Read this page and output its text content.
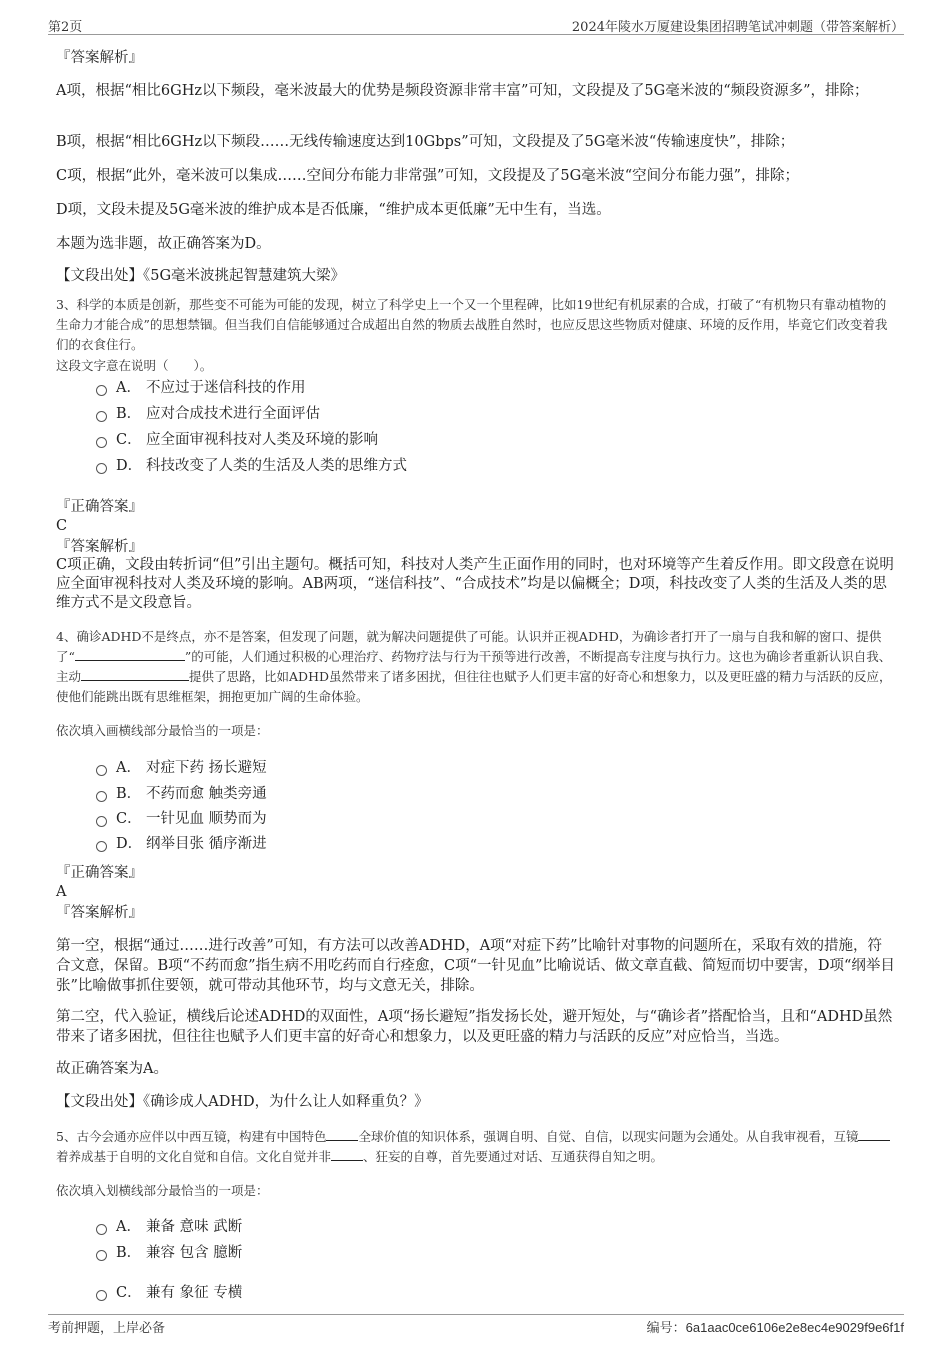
第2页	2024年陵水万厦建设集团招聘笔试冲刺题（带答案解析）
『答案解析』
A项，根据“相比6GHz以下频段，毫米波最大的优势是频段资源非常丰富”可知，文段提及了5G毫米波的“频段资源多”，排除；
B项，根据“相比6GHz以下频段……无线传输速度达到10Gbps”可知，文段提及了5G毫米波“传输速度快”，排除；
C项，根据“此外，毫米波可以集成……空间分布能力非常强”可知，文段提及了5G毫米波“空间分布能力强”，排除；
D项，文段未提及5G毫米波的维护成本是否低廉，“维护成本更低廉”无中生有，当选。
本题为选非题，故正确答案为D。
【文段出处】《5G毫米波挑起智慧建筑大梁》
3、科学的本质是创新，那些变不可能为可能的发现，树立了科学史上一个又一个里程碑，比如19世纪有机尿素的合成，打破了“有机物只有靠动植物的生命力才能合成”的思想禁锢。但当我们自信能够通过合成超出自然的物质去战胜自然时，也应反思这些物质对健康、环境的反作用，毕竟它们改变着我们的衣食住行。
这段文字意在说明（　　）。
A． 不应过于迷信科技的作用
B． 应对合成技术进行全面评估
C． 应全面审视科技对人类及环境的影响
D． 科技改变了人类的生活及人类的思维方式
『正确答案』
C
『答案解析』
C项正确，文段由转折词“但”引出主题句。概括可知，科技对人类产生正面作用的同时，也对环境等产生着反作用。即文段意在说明应全面审视科技对人类及环境的影响。AB两项，“迷信科技”、“合成技术”均是以偏概全；D项，科技改变了人类的生活及人类的思维方式不是文段意旨。
4、确诊ADHD不是终点，亦不是答案，但发现了问题，就为解决问题提供了可能。认识并正视ADHD，为确诊者打开了一扇与自我和解的窗口、提供了“	”的可能，人们通过积极的心理治疗、药物疗法与行为干预等进行改善，不断提高专注度与执行力。这也为确诊者重新认识自我、主动	提供了思路，比如ADHD虽然带来了诸多困扰，但往往也赋予人们更丰富的好奇心和想象力，以及更旺盛的精力与活跃的反应，使他们能跳出既有思维框架，拥抱更加广阔的生命体验。
依次填入画横线部分最恰当的一项是：
A． 对症下药 扬长避短
B． 不药而愈 触类旁通
C． 一针见血 顺势而为
D． 纲举目张 循序渐进
『正确答案』
A
『答案解析』
第一空，根据“通过……进行改善”可知，有方法可以改善ADHD，A项“对症下药”比喻针对事物的问题所在，采取有效的措施，符合文意，保留。B项“不药而愈”指生病不用吃药而自行痊愈，C项“一针见血”比喻说话、做文章直截、简短而切中要害，D项“纲举目张”比喻做事抓住要领，就可带动其他环节，均与文意无关，排除。
第二空，代入验证，横线后论述ADHD的双面性，A项“扬长避短”指发扬长处，避开短处，与“确诊者”搭配恰当，且和“ADHD虽然带来了诸多困扰，但往往也赋予人们更丰富的好奇心和想象力，以及更旺盛的精力与活跃的反应”对应恰当，当选。
故正确答案为A。
【文段出处】《确诊成人ADHD，为什么让人如释重负？》
5、古今会通亦应伴以中西互镜，构建有中国特色	全球价值的知识体系，强调自明、自觉、自信，以现实问题为会通处。从自我审视看，互镜着养成基于自明的文化自觉和自信。文化自觉并非	、狂妄的自尊，首先要通过对话、互通获得自知之明。
依次填入划横线部分最恰当的一项是：
A． 兼备 意味 武断
B． 兼容 包含 臆断
C． 兼有 象征 专横
考前押题，上岸必备	编号：6a1aac0ce6106e2e8ec4e9029f9e6f1f
